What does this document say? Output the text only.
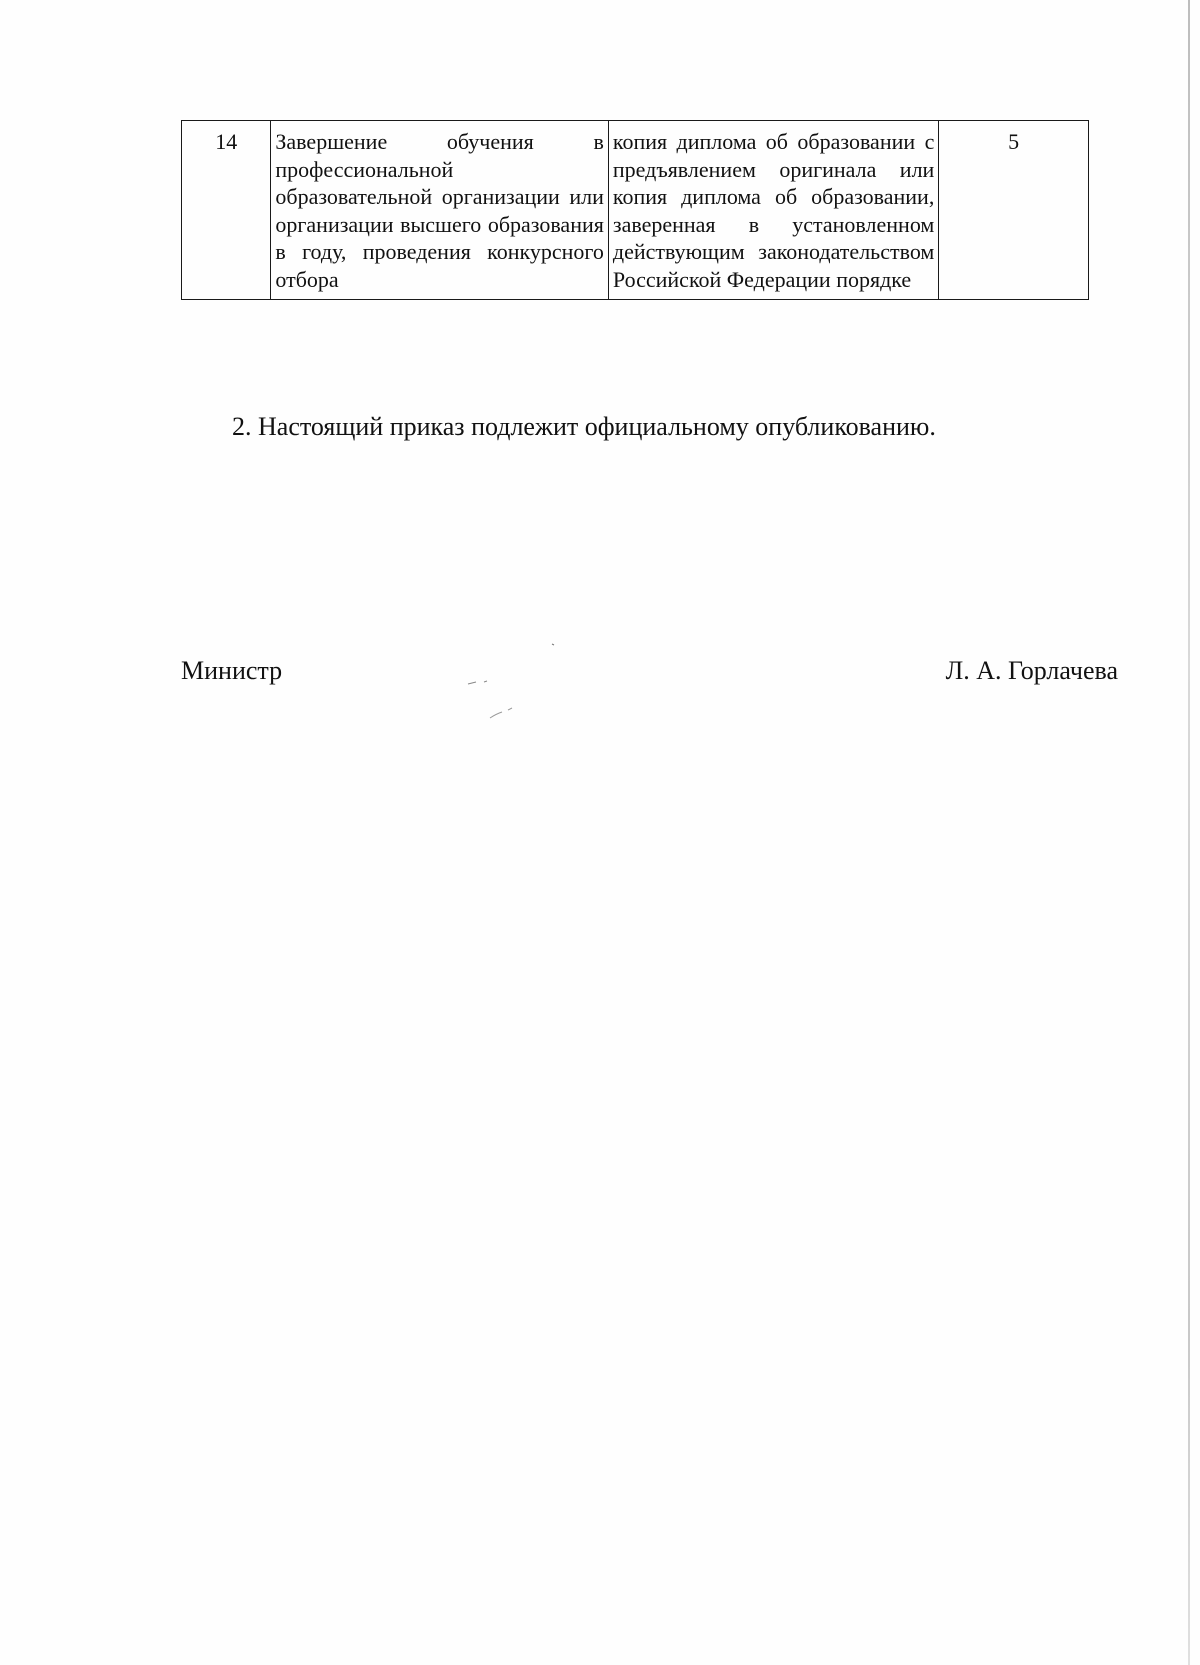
14	Завершение обучения в профессиональной образовательной организации или организации высшего образования в году, проведения конкурсного отбора	копия диплома об образовании с предъявлением оригинала или копия диплома об образовании, заверенная в установленном действующим законодательством Российской Федерации порядке	5
2. Настоящий приказ подлежит официальному опубликованию.
Министр	Л. А. Горлачева
